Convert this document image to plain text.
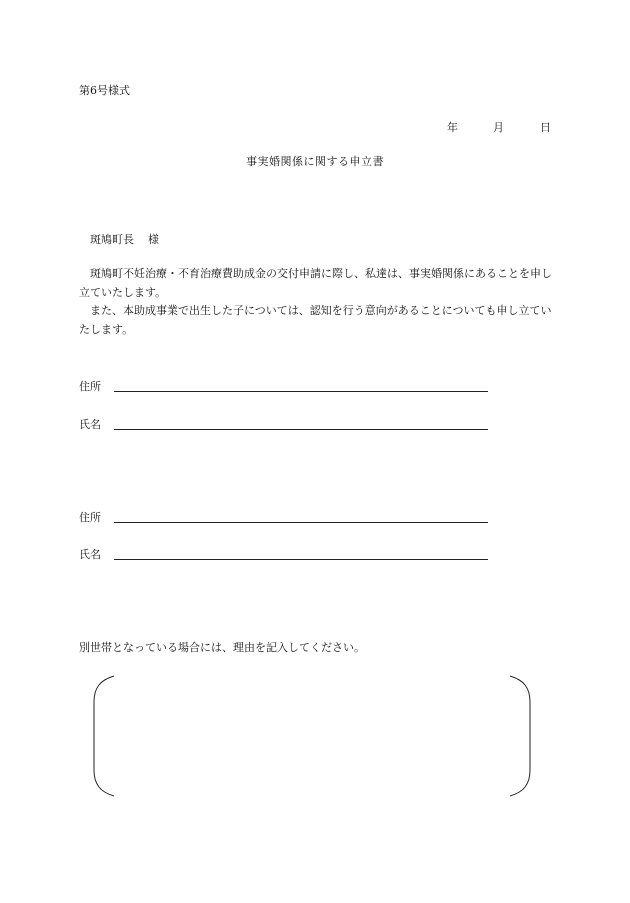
第6号様式
年	月	日
事実婚関係に関する申立書
斑鳩町長 様

斑鳩町不妊治療・不育治療費助成金の交付申請に際し、私達は、事実婚関係にあることを申し立ていたします。

また、本助成事業で出生した子については、認知を行う意向があることについても申し立ていたします。

住所
氏名
住所
氏名
別世帯となっている場合には、理由を記入してください。
